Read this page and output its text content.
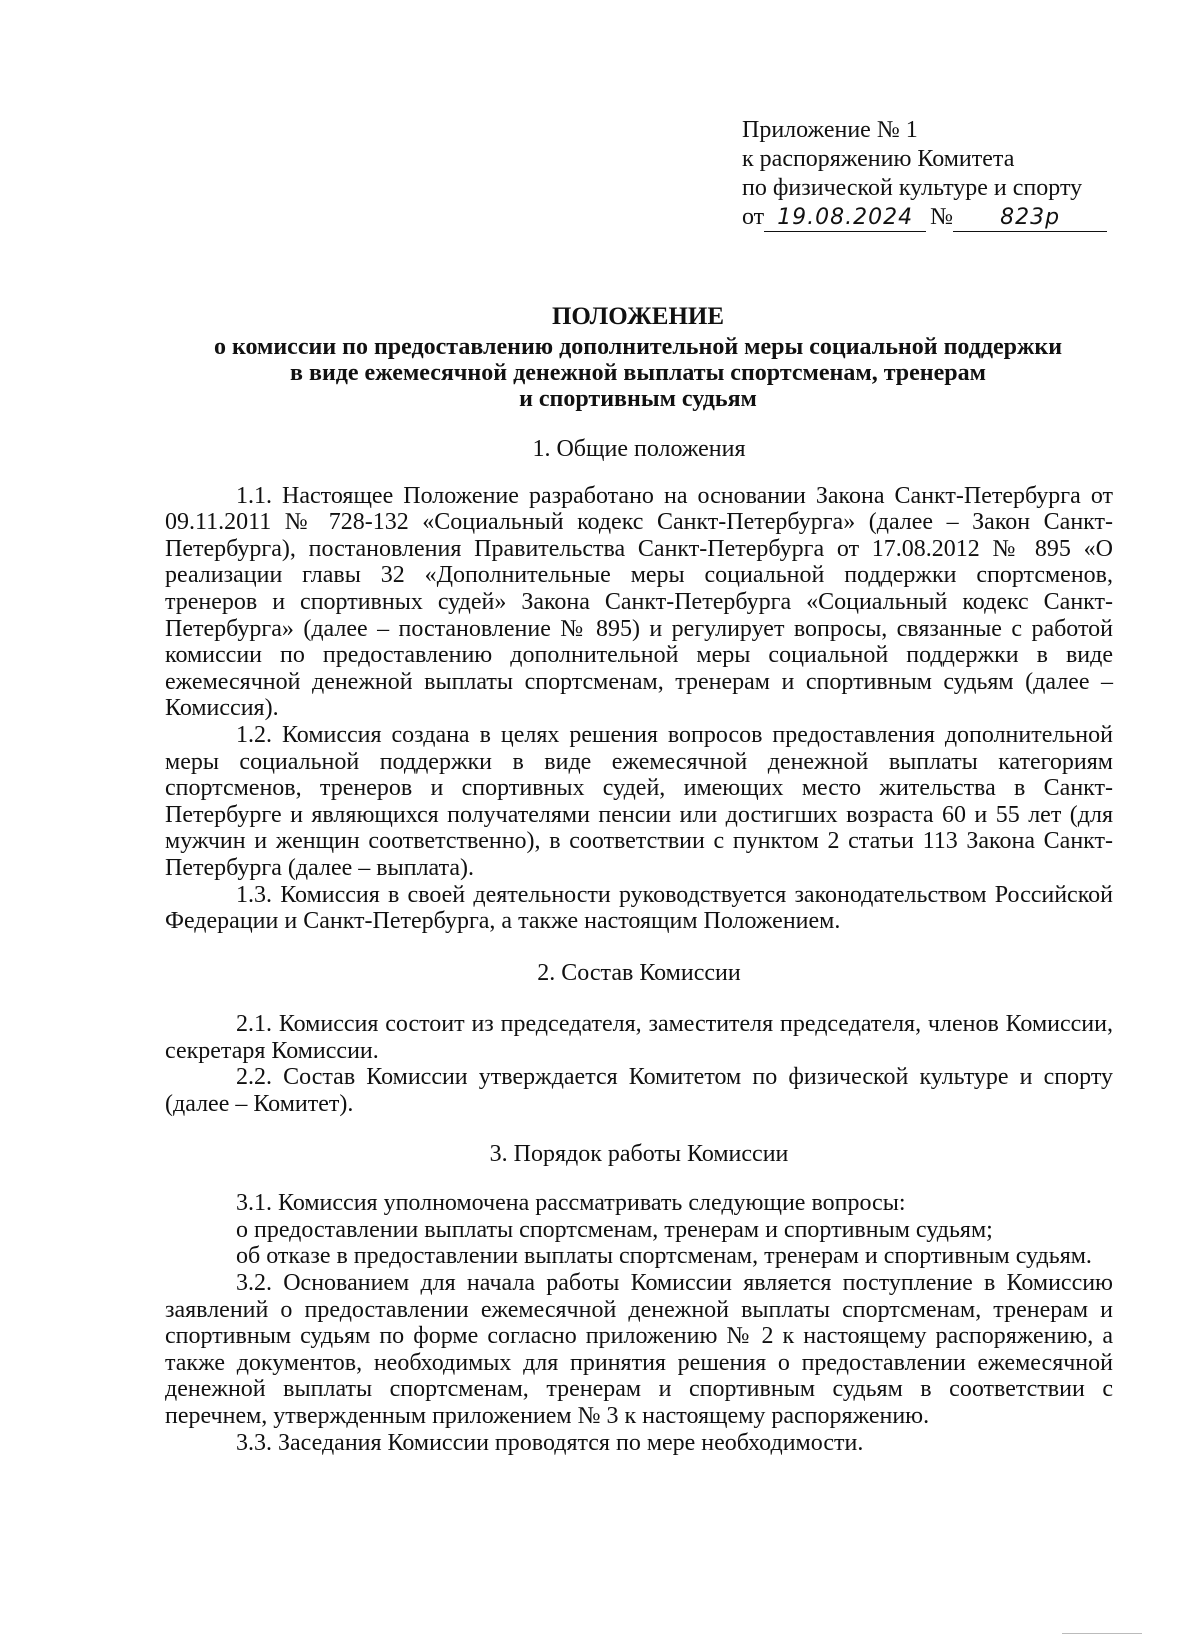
Приложение № 1
к распоряжению Комитета
по физической культуре и спорту
от 19.08.2024 №	823р
ПОЛОЖЕНИЕ
о комиссии по предоставлению дополнительной меры социальной поддержки
в виде ежемесячной денежной выплаты спортсменам, тренерам
и спортивным судьям

1. Общие положения

1.1. Настоящее Положение разработано на основании Закона Санкт-Петербурга от 09.11.2011 № 728-132 «Социальный кодекс Санкт-Петербурга» (далее – Закон Санкт-Петербурга), постановления Правительства Санкт-Петербурга от 17.08.2012 № 895 «О реализации главы 32 «Дополнительные меры социальной поддержки спортсменов, тренеров и спортивных судей» Закона Санкт-Петербурга «Социальный кодекс Санкт-Петербурга» (далее – постановление № 895) и регулирует вопросы, связанные с работой комиссии по предоставлению дополнительной меры социальной поддержки в виде ежемесячной денежной выплаты спортсменам, тренерам и спортивным судьям (далее – Комиссия).

1.2. Комиссия создана в целях решения вопросов предоставления дополнительной меры социальной поддержки в виде ежемесячной денежной выплаты категориям спортсменов, тренеров и спортивных судей, имеющих место жительства в Санкт-Петербурге и являющихся получателями пенсии или достигших возраста 60 и 55 лет (для мужчин и женщин соответственно), в соответствии с пунктом 2 статьи 113 Закона Санкт-Петербурга (далее – выплата).

1.3. Комиссия в своей деятельности руководствуется законодательством Российской Федерации и Санкт-Петербурга, а также настоящим Положением.

2. Состав Комиссии

2.1. Комиссия состоит из председателя, заместителя председателя, членов Комиссии, секретаря Комиссии.

2.2. Состав Комиссии утверждается Комитетом по физической культуре и спорту (далее – Комитет).

3. Порядок работы Комиссии

3.1. Комиссия уполномочена рассматривать следующие вопросы:

о предоставлении выплаты спортсменам, тренерам и спортивным судьям;

об отказе в предоставлении выплаты спортсменам, тренерам и спортивным судьям.

3.2. Основанием для начала работы Комиссии является поступление в Комиссию заявлений о предоставлении ежемесячной денежной выплаты спортсменам, тренерам и спортивным судьям по форме согласно приложению № 2 к настоящему распоряжению, а также документов, необходимых для принятия решения о предоставлении ежемесячной денежной выплаты спортсменам, тренерам и спортивным судьям в соответствии с перечнем, утвержденным приложением № 3 к настоящему распоряжению.

3.3. Заседания Комиссии проводятся по мере необходимости.
